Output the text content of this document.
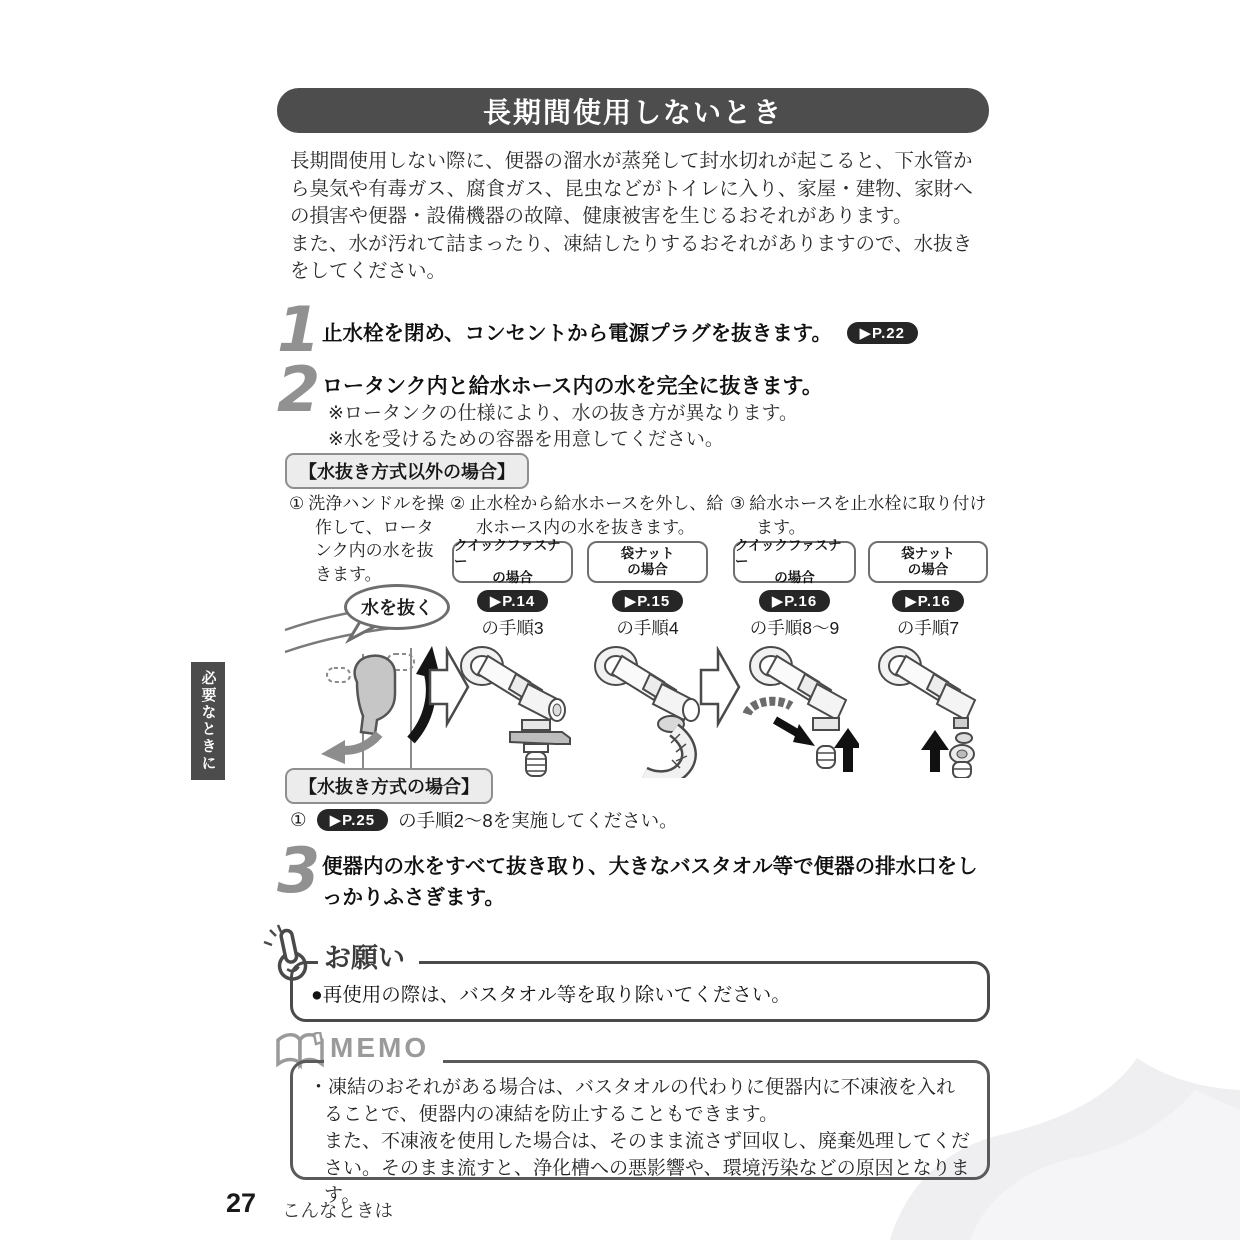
必要なときに
長期間使用しないとき

長期間使用しない際に、便器の溜水が蒸発して封水切れが起こると、下水管から臭気や有毒ガス、腐食ガス、昆虫などがトイレに入り、家屋・建物、家財への損害や便器・設備機器の故障、健康被害を生じるおそれがあります。

また、水が汚れて詰まったり、凍結したりするおそれがありますので、水抜きをしてください。

1 止水栓を閉め、コンセントから電源プラグを抜きます。 ▶P.22
2 ロータンク内と給水ホース内の水を完全に抜きます。
※ロータンクの仕様により、水の抜き方が異なります。
※水を受けるための容器を用意してください。
【水抜き方式以外の場合】

① 洗浄ハンドルを操作して、ロータンク内の水を抜きます。

② 止水栓から給水ホースを外し、給水ホース内の水を抜きます。

③ 給水ホースを止水栓に取り付けます。

クイックファスナー
の場合
▶P.14
の手順3
袋ナット
の場合
▶P.15
の手順4
クイックファスナー
の場合
▶P.16
の手順8〜9
袋ナット
の場合
▶P.16
の手順7
水を抜く
【水抜き方式の場合】
①	▶P.25	の手順2〜8を実施してください。
3 便器内の水をすべて抜き取り、大きなバスタオル等で便器の排水口をしっかりふさぎます。
お願い
●再使用の際は、バスタオル等を取り除いてください。
MEMO

・凍結のおそれがある場合は、バスタオルの代わりに便器内に不凍液を入れることで、便器内の凍結を防止することもできます。

また、不凍液を使用した場合は、そのまま流さず回収し、廃棄処理してください。そのまま流すと、浄化槽への悪影響や、環境汚染などの原因となります。

27 こんなときは
